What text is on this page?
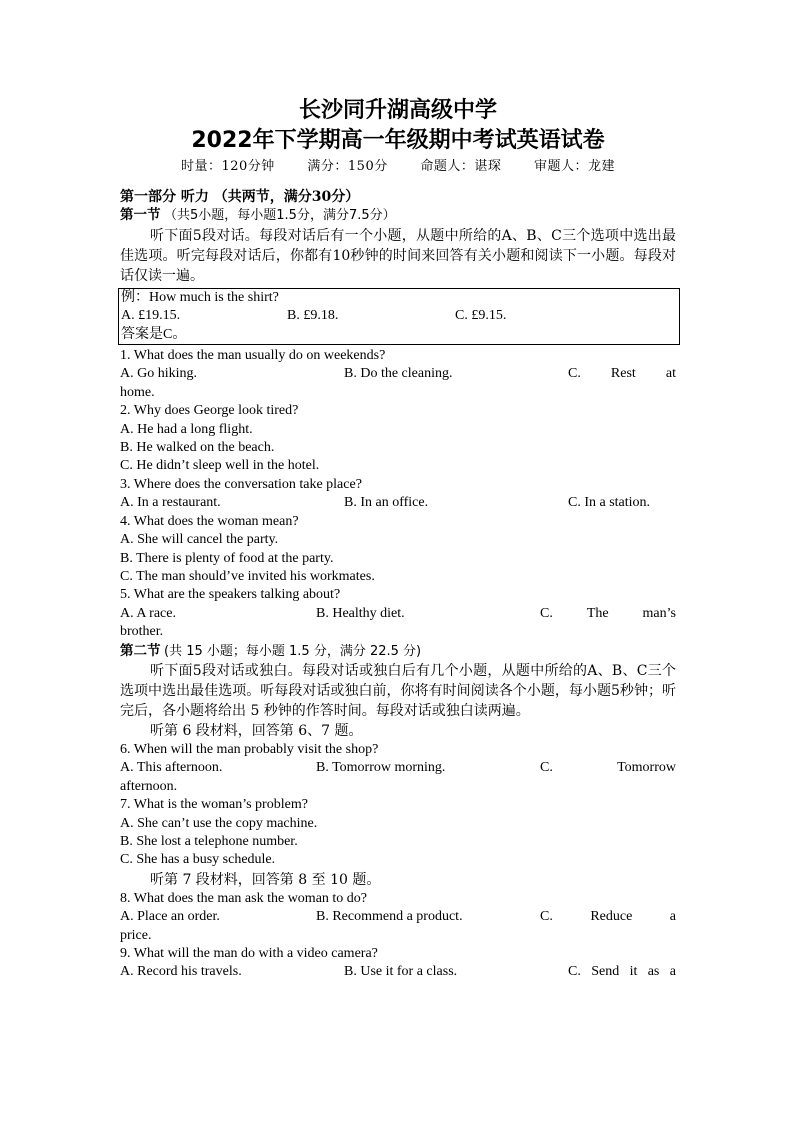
长沙同升湖高级中学
2022年下学期高一年级期中考试英语试卷
时量：120分钟	满分：150分	命题人：谌琛	审题人：龙建
第一部分 听力 （共两节，满分30分）
第一节 （共5小题，每小题1.5分，满分7.5分）
听下面5段对话。每段对话后有一个小题，从题中所给的A、B、C三个选项中选出最佳选项。听完每段对话后，你都有10秒钟的时间来回答有关小题和阅读下一小题。每段对话仅读一遍。
例：How much is the shirt?
A. £19.15.	B. £9.18.	C. £9.15.
答案是C。
1. What does the man usually do on weekends?
A. Go hiking.	B. Do the cleaning.	C. Rest at
home.
2. Why does George look tired?
A. He had a long flight.
B. He walked on the beach.
C. He didn’t sleep well in the hotel.
3. Where does the conversation take place?
A. In a restaurant.	B. In an office.	C. In a station.
4. What does the woman mean?
A. She will cancel the party.
B. There is plenty of food at the party.
C. The man should’ve invited his workmates.
5. What are the speakers talking about?
A. A race.	B. Healthy diet.	C. The man’s
brother.
第二节 (共 15 小题；每小题 1.5 分，满分 22.5 分)
听下面5段对话或独白。每段对话或独白后有几个小题，从题中所给的A、B、C三个选项中选出最佳选项。听每段对话或独白前，你将有时间阅读各个小题，每小题5秒钟；听完后，各小题将给出 5 秒钟的作答时间。每段对话或独白读两遍。
听第 6 段材料，回答第 6、7 题。
6. When will the man probably visit the shop?
A. This afternoon.	B. Tomorrow morning.	C.	Tomorrow
afternoon.
7. What is the woman’s problem?
A. She can’t use the copy machine.
B. She lost a telephone number.
C. She has a busy schedule.
听第 7 段材料，回答第 8 至 10 题。
8. What does the man ask the woman to do?
A. Place an order.	B. Recommend a product.	C.	Reduce	a
price.
9. What will the man do with a video camera?
A. Record his travels.	B. Use it for a class.	C. Send it as a
